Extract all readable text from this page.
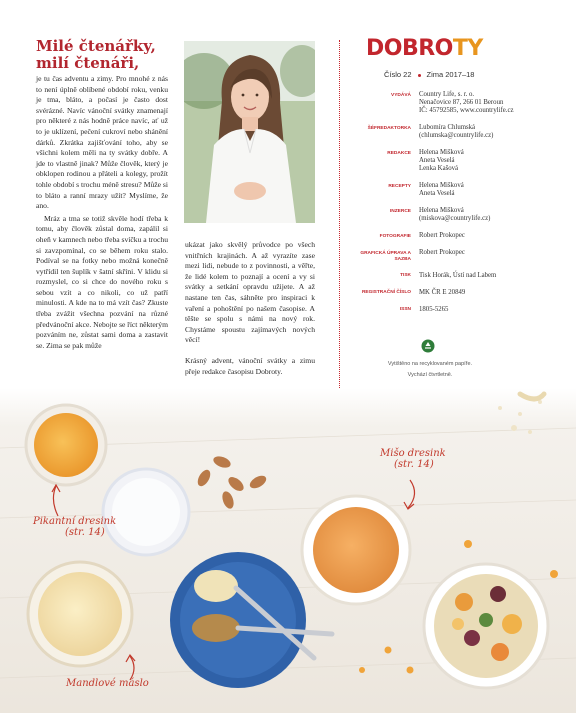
Milé čtenářky,
milí čtenáři,

je tu čas adventu a zimy. Pro mnohé z nás to není úplně oblíbené období roku, venku je tma, bláto, a počasí je často dost svérázné. Navíc vánoční svátky znamenají pro některé z nás hodně práce navíc, ať už to je uklízení, pečení cukroví nebo shánění dárků. Zkrátka zajišťování toho, aby se všichni kolem měli na ty svátky dobře. A jde to vlastně jinak? Může člověk, který je obklopen rodinou a přáteli a kolegy, prožít tohle období s trochu méně stresu? Může si to bláto a ranní mrazy užít? Myslíme, že ano.

Mráz a tma se totiž skvěle hodí třeba k tomu, aby člověk zůstal doma, zapálil si oheň v kamnech nebo třeba svíčku a trochu si zavzpomínal, co se během roku stalo. Podíval se na fotky nebo možná konečně vytřídil ten šuplík v šatní skříni. V klidu si rozmyslel, co si chce do nového roku s sebou vzít a co nikoli, co už patří minulosti. A kde na to má vzít čas? Zkuste třeba zvážit všechna pozvání na různé předvánoční akce. Nebojte se říct některým pozváním ne, zůstat sami doma a zastavit se. Zima se pak může

ukázat jako skvělý průvodce po všech vnitřních krajinách. A až vyrazíte zase mezi lidi, nebude to z povinnosti, a věřte, že lidé kolem to poznají a ocení a vy si svátky a setkání opravdu užijete. A až nastane ten čas, sáhněte pro inspiraci k vaření a pohoštění po našem časopise. A těšte se spolu s námi na nový rok. Chystáme spoustu zajímavých nových věcí!

Krásný advent, vánoční svátky a zimu přeje redakce časopisu Dobroty.

DOBROTY
Číslo 22 Zima 2017–18
VYDÁVÁ	Country Life, s. r. o.
Nenačovice 87, 266 01 Beroun
IČ: 45792585, www.countrylife.cz
ŠÉFREDAKTORKA	Lubomíra Chlumská
(chlumska@countrylife.cz)
REDAKCE	Helena Mišková
Aneta Veselá
Lenka Kašová
RECEPTY	Helena Mišková
Aneta Veselá
INZERCE	Helena Mišková
(miskova@countrylife.cz)
FOTOGRAFIE	Robert Prokopec
GRAFICKÁ ÚPRAVA A SAZBA
Robert Prokopec
TISK	Tisk Horák, Ústí nad Labem
REGISTRAČNÍ ČÍSLO	MK ČR E 20849
ISSN	1805-5265
Vytištěno na recyklovaném papíře.
Vychází čtvrtletně.
Pikantní dresink
(str. 14)
Mišo dresink
(str. 14)
Mandlové máslo
